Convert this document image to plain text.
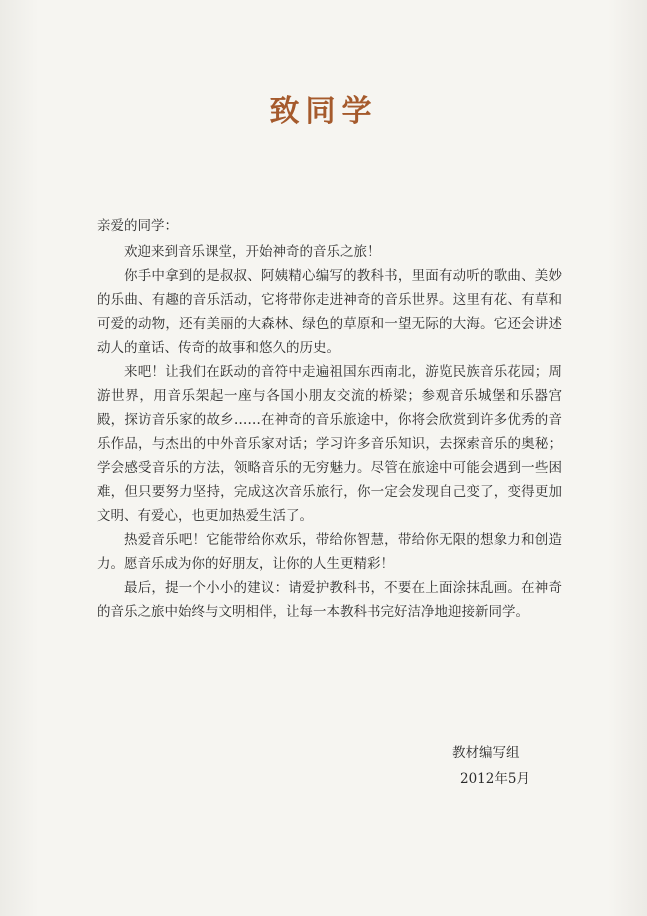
致同学
亲爱的同学：

欢迎来到音乐课堂，开始神奇的音乐之旅！

你手中拿到的是叔叔、阿姨精心编写的教科书，里面有动听的歌曲、美妙的乐曲、有趣的音乐活动，它将带你走进神奇的音乐世界。这里有花、有草和可爱的动物，还有美丽的大森林、绿色的草原和一望无际的大海。它还会讲述动人的童话、传奇的故事和悠久的历史。

来吧！让我们在跃动的音符中走遍祖国东西南北，游览民族音乐花园；周游世界，用音乐架起一座与各国小朋友交流的桥梁；参观音乐城堡和乐器宫殿，探访音乐家的故乡……在神奇的音乐旅途中，你将会欣赏到许多优秀的音乐作品，与杰出的中外音乐家对话；学习许多音乐知识，去探索音乐的奥秘；学会感受音乐的方法，领略音乐的无穷魅力。尽管在旅途中可能会遇到一些困难，但只要努力坚持，完成这次音乐旅行，你一定会发现自己变了，变得更加文明、有爱心，也更加热爱生活了。

热爱音乐吧！它能带给你欢乐，带给你智慧，带给你无限的想象力和创造力。愿音乐成为你的好朋友，让你的人生更精彩！

最后，提一个小小的建议：请爱护教科书，不要在上面涂抹乱画。在神奇的音乐之旅中始终与文明相伴，让每一本教科书完好洁净地迎接新同学。

教材编写组
2012年5月
